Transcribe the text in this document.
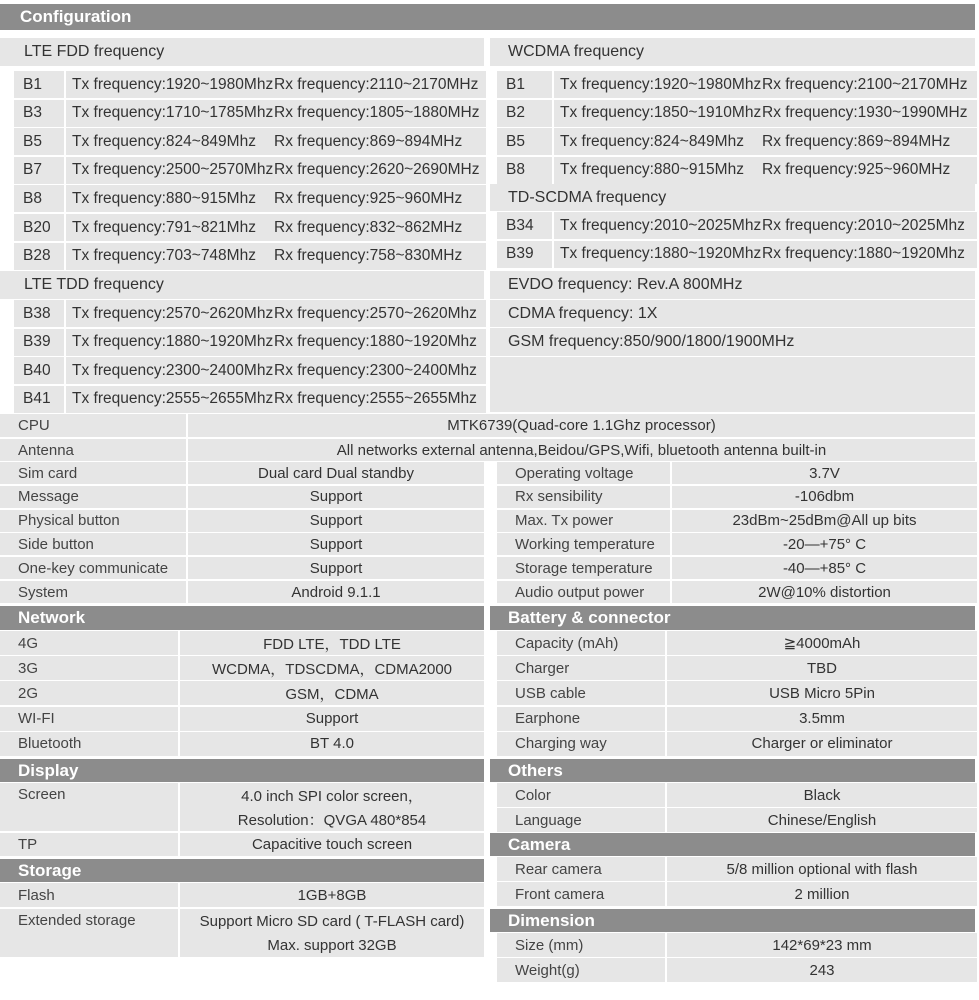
Configuration
LTE FDD frequency
B1	Tx frequency:1920~1980Mhz Rx frequency:2110~2170MHz
B3	Tx frequency:1710~1785Mhz Rx frequency:1805~1880MHz
B5	Tx frequency:824~849Mhz	Rx frequency:869~894MHz
B7	Tx frequency:2500~2570Mhz Rx frequency:2620~2690MHz
B8	Tx frequency:880~915Mhz	Rx frequency:925~960MHz
B20	Tx frequency:791~821Mhz	Rx frequency:832~862MHz
B28	Tx frequency:703~748Mhz	Rx frequency:758~830MHz
LTE TDD frequency
B38	Tx frequency:2570~2620Mhz Rx frequency:2570~2620Mhz
B39	Tx frequency:1880~1920Mhz Rx frequency:1880~1920Mhz
B40	Tx frequency:2300~2400Mhz Rx frequency:2300~2400Mhz
B41	Tx frequency:2555~2655Mhz Rx frequency:2555~2655Mhz
WCDMA frequency
B1	Tx frequency:1920~1980Mhz Rx frequency:2100~2170MHz
B2	Tx frequency:1850~1910Mhz Rx frequency:1930~1990MHz
B5	Tx frequency:824~849Mhz	Rx frequency:869~894MHz
B8	Tx frequency:880~915Mhz	Rx frequency:925~960MHz
TD-SCDMA frequency
B34	Tx frequency:2010~2025Mhz Rx frequency:2010~2025Mhz
B39	Tx frequency:1880~1920Mhz Rx frequency:1880~1920Mhz
EVDO frequency: Rev.A 800MHz
CDMA frequency: 1X
GSM frequency:850/900/1800/1900MHz
CPU	MTK6739(Quad-core 1.1Ghz processor)
Antenna	All networks external antenna,Beidou/GPS,Wifi, bluetooth antenna built-in
Sim card	Dual card Dual standby
Message	Support
Physical button	Support
Side button	Support
One-key communicate	Support
System	Android 9.1.1
Operating voltage	3.7V
Rx sensibility	-106dbm
Max. Tx power	23dBm~25dBm@All up bits
Working temperature	-20—+75° C
Storage temperature	-40—+85° C
Audio output power	2W@10% distortion
Network
4G	FDD LTE，TDD LTE
3G	WCDMA，TDSCDMA，CDMA2000
2G	GSM，CDMA
WI-FI	Support
Bluetooth	BT 4.0
Battery & connector
Capacity (mAh)	≧4000mAh
Charger	TBD
USB cable	USB Micro 5Pin
Earphone	3.5mm
Charging way	Charger or eliminator
Display
Screen	4.0 inch SPI color screen，
Resolution：QVGA 480*854
TP	Capacitive touch screen
Storage
Flash	1GB+8GB
Extended storage	Support Micro SD card ( T-FLASH card)
Max. support 32GB
Others
Color	Black
Language	Chinese/English
Camera
Rear camera	5/8 million optional with flash
Front camera	2 million
Dimension
Size (mm)	142*69*23 mm
Weight(g)	243
